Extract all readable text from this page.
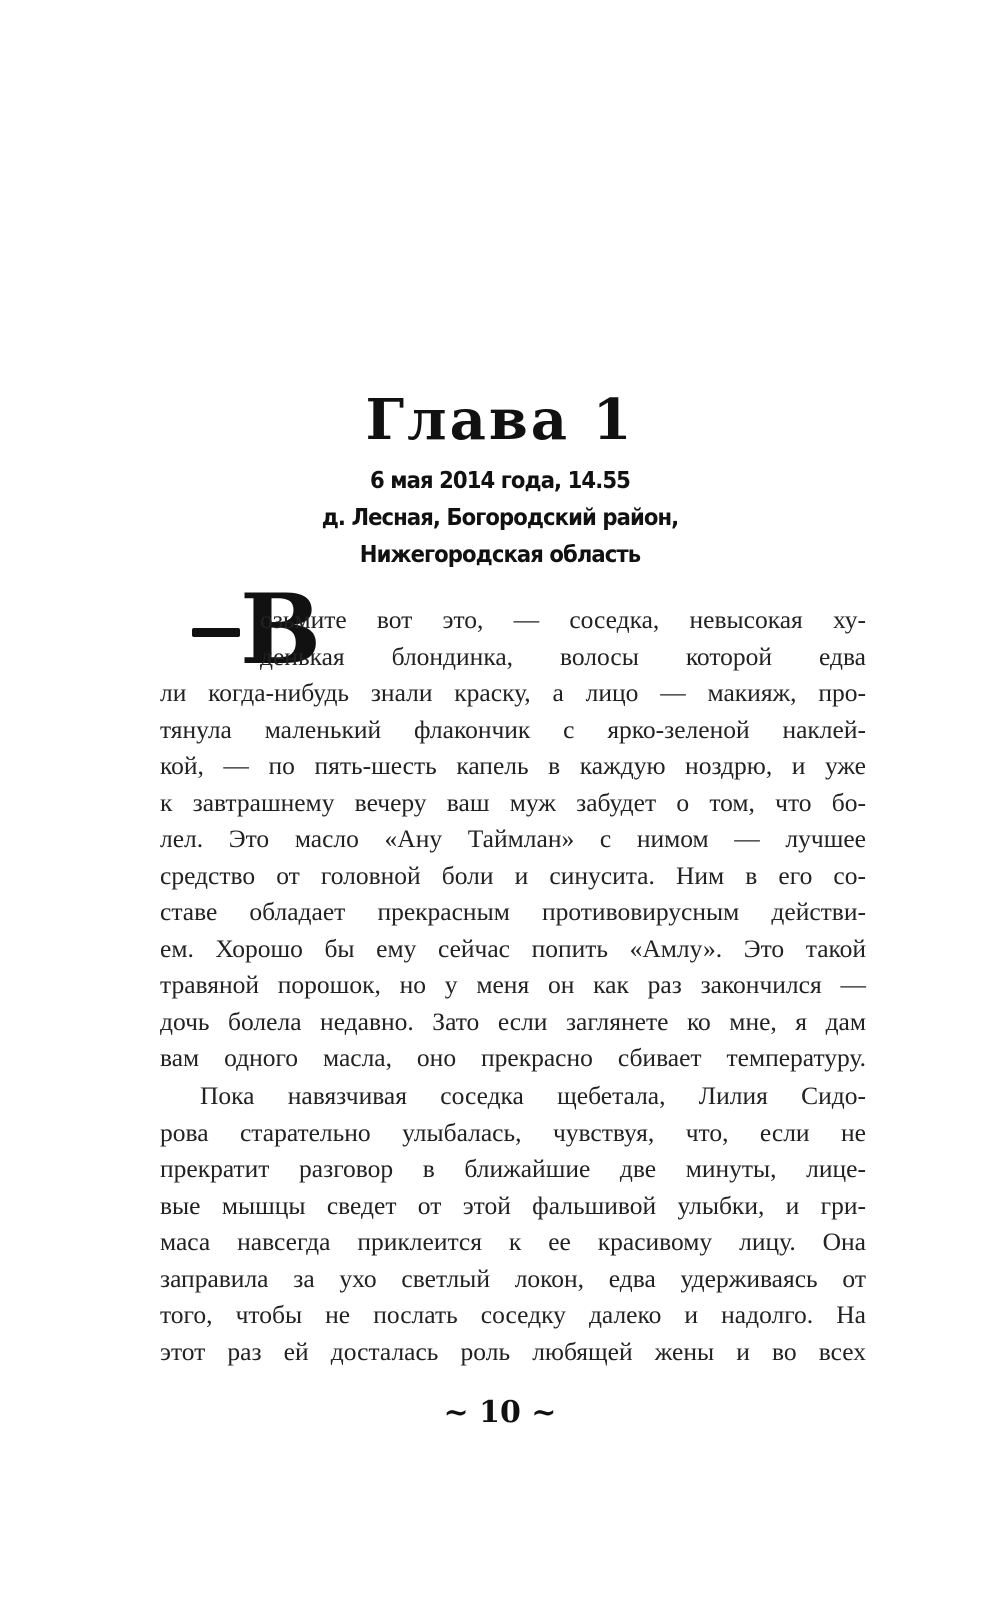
Глава 1
6 мая 2014 года, 14.55
д. Лесная, Богородский район,
Нижегородская область
В
озьмите вот это, — соседка, невысокая ху-
денькая блондинка, волосы которой едва
ли когда-нибудь знали краску, а лицо — макияж, про-
тянула маленький флакончик с ярко-зеленой наклей-
кой, — по пять-шесть капель в каждую ноздрю, и уже
к завтрашнему вечеру ваш муж забудет о том, что бо-
лел. Это масло «Ану Таймлан» с нимом — лучшее
средство от головной боли и синусита. Ним в его со-
ставе обладает прекрасным противовирусным действи-
ем. Хорошо бы ему сейчас попить «Амлу». Это такой
травяной порошок, но у меня он как раз закончился —
дочь болела недавно. Зато если заглянете ко мне, я дам
вам одного масла, оно прекрасно сбивает температуру.
Пока навязчивая соседка щебетала, Лилия Сидо-
рова старательно улыбалась, чувствуя, что, если не
прекратит разговор в ближайшие две минуты, лице-
вые мышцы сведет от этой фальшивой улыбки, и гри-
маса навсегда приклеится к ее красивому лицу. Она
заправила за ухо светлый локон, едва удерживаясь от
того, чтобы не послать соседку далеко и надолго. На
этот раз ей досталась роль любящей жены и во всех
~ 10 ~
